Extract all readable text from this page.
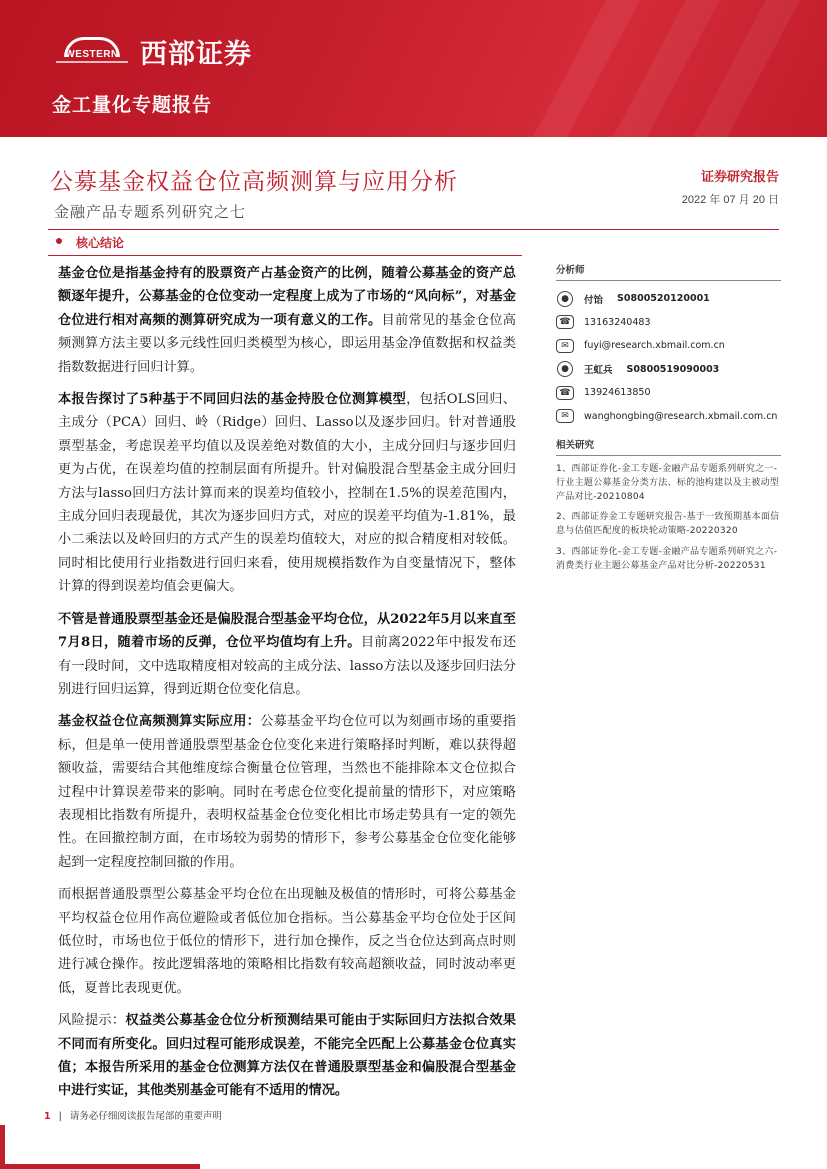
WESTERN 西部证券
金工量化专题报告
公募基金权益仓位高频测算与应用分析
金融产品专题系列研究之七
证券研究报告
2022 年 07 月 20 日
核心结论

基金仓位是指基金持有的股票资产占基金资产的比例，随着公募基金的资产总额逐年提升，公募基金的仓位变动一定程度上成为了市场的“风向标”，对基金仓位进行相对高频的测算研究成为一项有意义的工作。目前常见的基金仓位高频测算方法主要以多元线性回归类模型为核心，即运用基金净值数据和权益类指数数据进行回归计算。

本报告探讨了5种基于不同回归法的基金持股仓位测算模型，包括OLS回归、主成分（PCA）回归、岭（Ridge）回归、Lasso以及逐步回归。针对普通股票型基金，考虑误差平均值以及误差绝对数值的大小，主成分回归与逐步回归更为占优，在误差均值的控制层面有所提升。针对偏股混合型基金主成分回归方法与lasso回归方法计算而来的误差均值较小，控制在1.5%的误差范围内，主成分回归表现最优，其次为逐步回归方式，对应的误差平均值为-1.81%，最小二乘法以及岭回归的方式产生的误差均值较大，对应的拟合精度相对较低。同时相比使用行业指数进行回归来看，使用规模指数作为自变量情况下，整体计算的得到误差均值会更偏大。

不管是普通股票型基金还是偏股混合型基金平均仓位，从2022年5月以来直至7月8日，随着市场的反弹，仓位平均值均有上升。目前离2022年中报发布还有一段时间，文中选取精度相对较高的主成分法、lasso方法以及逐步回归法分别进行回归运算，得到近期仓位变化信息。

基金权益仓位高频测算实际应用：公募基金平均仓位可以为刻画市场的重要指标，但是单一使用普通股票型基金仓位变化来进行策略择时判断，难以获得超额收益，需要结合其他维度综合衡量仓位管理，当然也不能排除本文仓位拟合过程中计算误差带来的影响。同时在考虑仓位变化提前量的情形下，对应策略表现相比指数有所提升，表明权益基金仓位变化相比市场走势具有一定的领先性。在回撤控制方面，在市场较为弱势的情形下，参考公募基金仓位变化能够起到一定程度控制回撤的作用。

而根据普通股票型公募基金平均仓位在出现触及极值的情形时，可将公募基金平均权益仓位用作高位避险或者低位加仓指标。当公募基金平均仓位处于区间低位时，市场也位于低位的情形下，进行加仓操作，反之当仓位达到高点时则进行减仓操作。按此逻辑落地的策略相比指数有较高超额收益，同时波动率更低，夏普比表现更优。

风险提示：权益类公募基金仓位分析预测结果可能由于实际回归方法拟合效果不同而有所变化。回归过程可能形成误差，不能完全匹配上公募基金仓位真实值；本报告所采用的基金仓位测算方法仅在普通股票型基金和偏股混合型基金中进行实证，其他类别基金可能有不适用的情况。

分析师
●	付饴 S0800520120001
☎	13163240483
✉	fuyi@research.xbmail.com.cn
●	王虹兵 S0800519090003
☎	13924613850
✉	wanghongbing@research.xbmail.com.cn
相关研究
1、西部证券化-金工专题-金融产品专题系列研究之一-行业主题公募基金分类方法、标的池构建以及主被动型产品对比-20210804
2、西部证券金工专题研究报告-基于一致预期基本面信息与估值匹配度的板块轮动策略-20220320
3、西部证券化-金工专题-金融产品专题系列研究之六-消费类行业主题公募基金产品对比分析-20220531
1 | 请务必仔细阅读报告尾部的重要声明
